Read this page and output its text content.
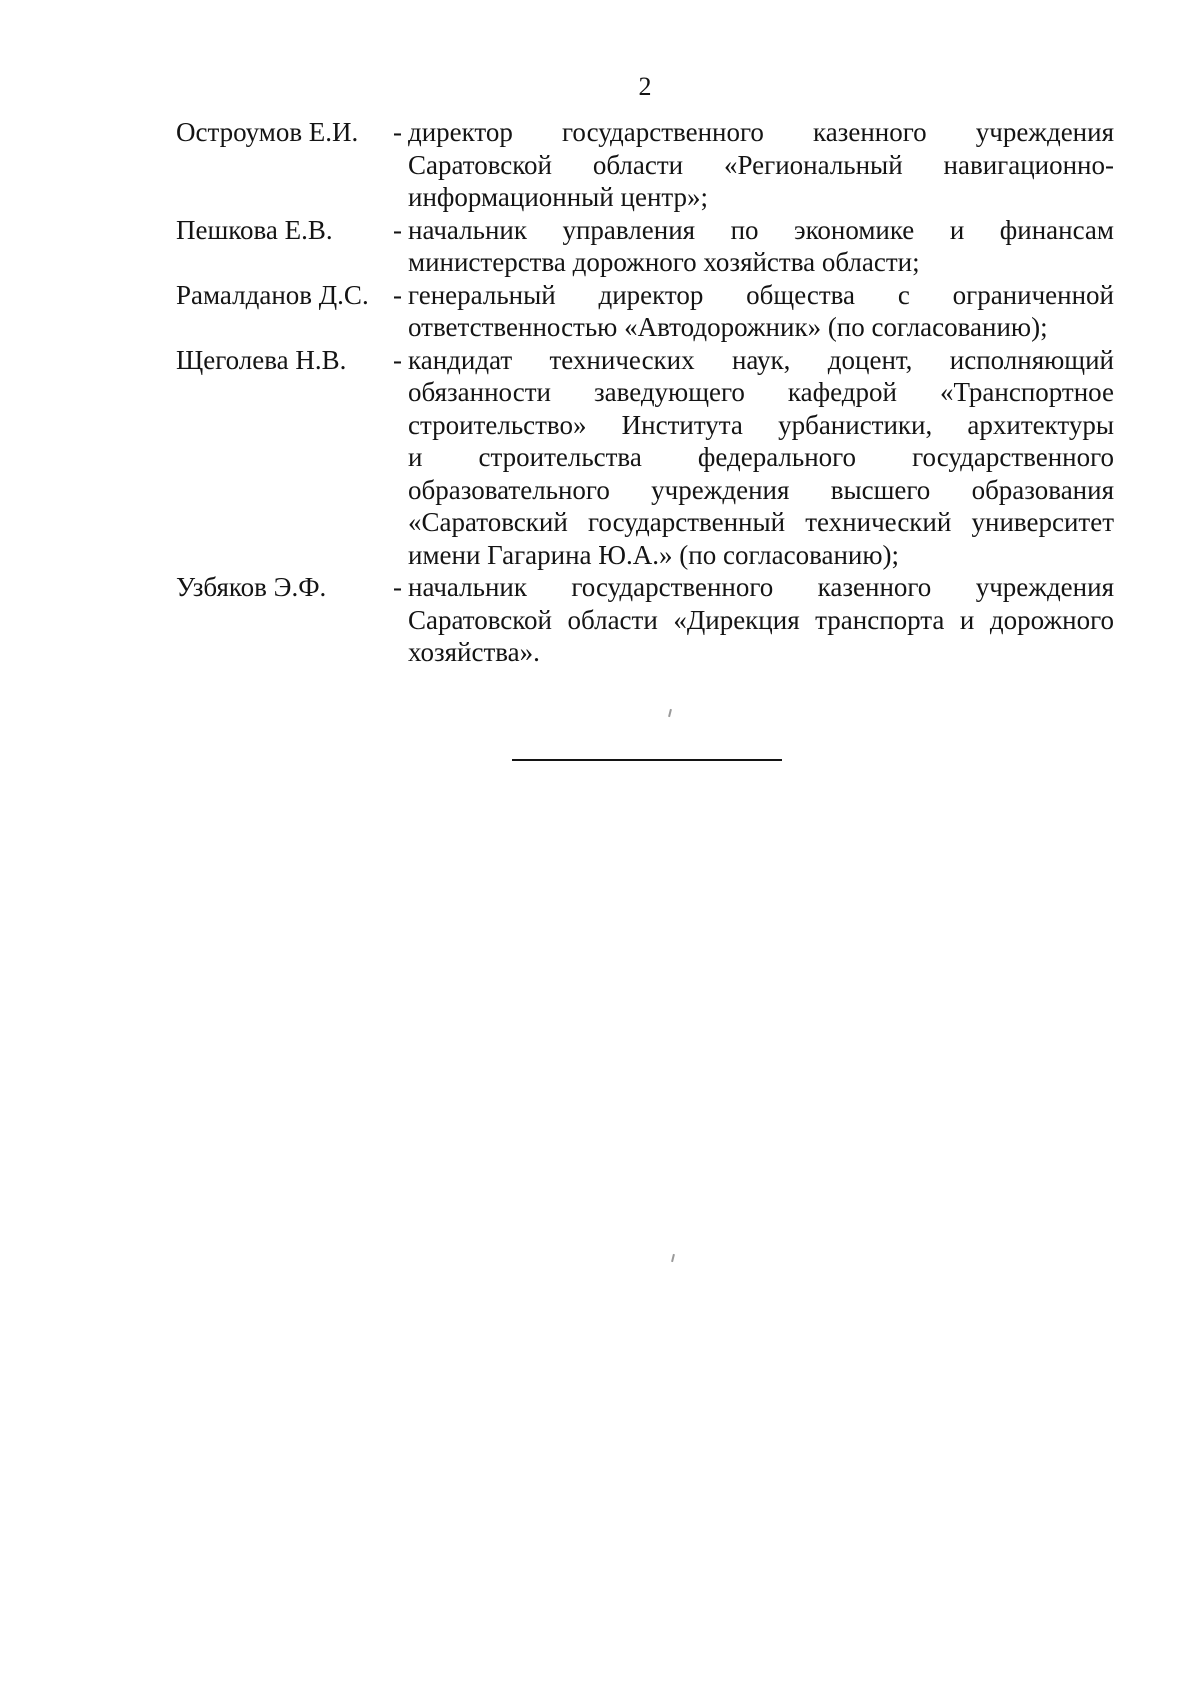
2
Остроумов Е.И.	- директор государственного казенного учреждения
Саратовской области «Региональный навигационно-
информационный центр»;
Пешкова Е.В.	- начальник управления по экономике и финансам
министерства дорожного хозяйства области;
Рамалданов Д.С. - генеральный директор общества с ограниченной
ответственностью «Автодорожник» (по согласованию);
Щеголева Н.В.	- кандидат технических наук, доцент, исполняющий
обязанности заведующего кафедрой «Транспортное
строительство» Института урбанистики, архитектуры
и строительства федерального государственного
образовательного учреждения высшего образования
«Саратовский государственный технический университет
имени Гагарина Ю.А.» (по согласованию);
Узбяков Э.Ф.	- начальник государственного казенного учреждения
Саратовской области «Дирекция транспорта и дорожного
хозяйства».
